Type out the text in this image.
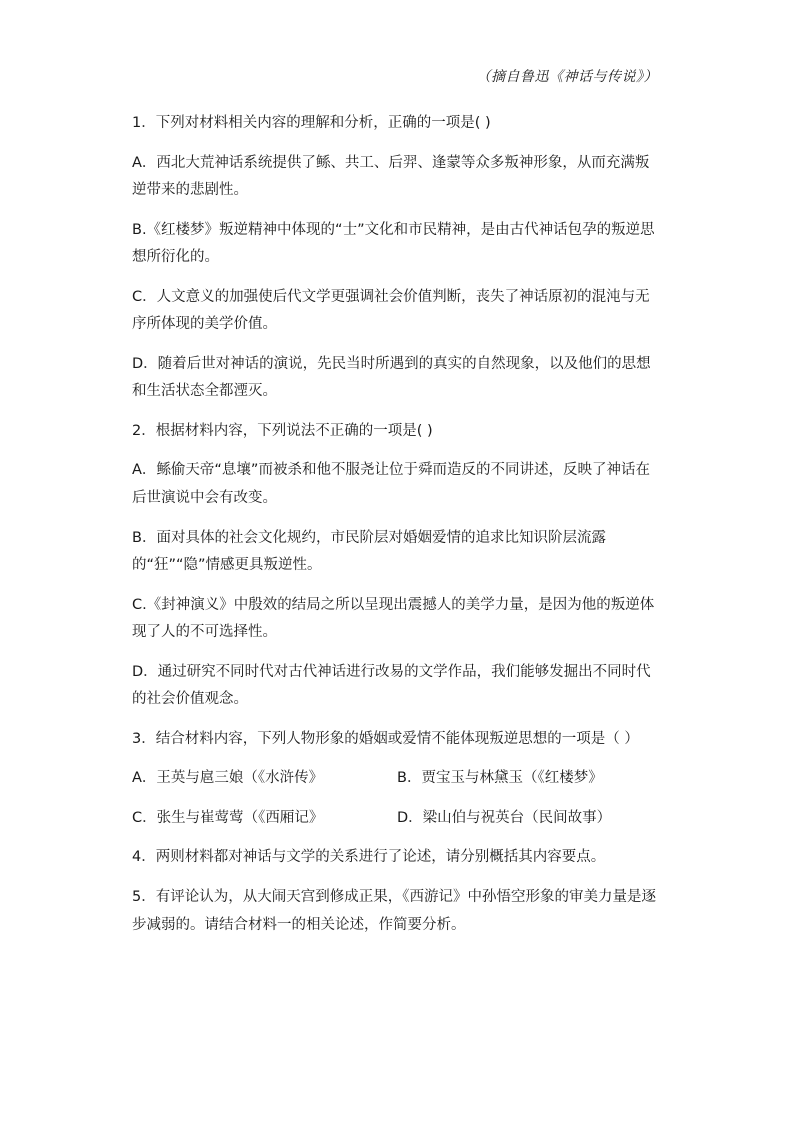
（摘自鲁迅《神话与传说》）
1．下列对材料相关内容的理解和分析，正确的一项是( )
A．西北大荒神话系统提供了鲧、共工、后羿、逢蒙等众多叛神形象，从而充满叛逆带来的悲剧性。
B.《红楼梦》叛逆精神中体现的“士”文化和市民精神，是由古代神话包孕的叛逆思想所衍化的。
C．人文意义的加强使后代文学更强调社会价值判断，丧失了神话原初的混沌与无序所体现的美学价值。
D．随着后世对神话的演说，先民当时所遇到的真实的自然现象，以及他们的思想和生活状态全都湮灭。
2．根据材料内容，下列说法不正确的一项是( )
A．鲧偷天帝“息壤”而被杀和他不服尧让位于舜而造反的不同讲述，反映了神话在后世演说中会有改变。
B．面对具体的社会文化规约，市民阶层对婚姻爱情的追求比知识阶层流露的“狂”“隐”情感更具叛逆性。
C.《封神演义》中殷效的结局之所以呈现出震撼人的美学力量，是因为他的叛逆体现了人的不可选择性。
D．通过研究不同时代对古代神话进行改易的文学作品，我们能够发掘出不同时代的社会价值观念。
3．结合材料内容，下列人物形象的婚姻或爱情不能体现叛逆思想的一项是（ ）
A．王英与扈三娘（《水浒传》	B．贾宝玉与林黛玉（《红楼梦》
C．张生与崔莺莺（《西厢记》	D．梁山伯与祝英台（民间故事）
4．两则材料都对神话与文学的关系进行了论述，请分别概括其内容要点。
5．有评论认为，从大闹天宫到修成正果，《西游记》中孙悟空形象的审美力量是逐步减弱的。请结合材料一的相关论述，作简要分析。
